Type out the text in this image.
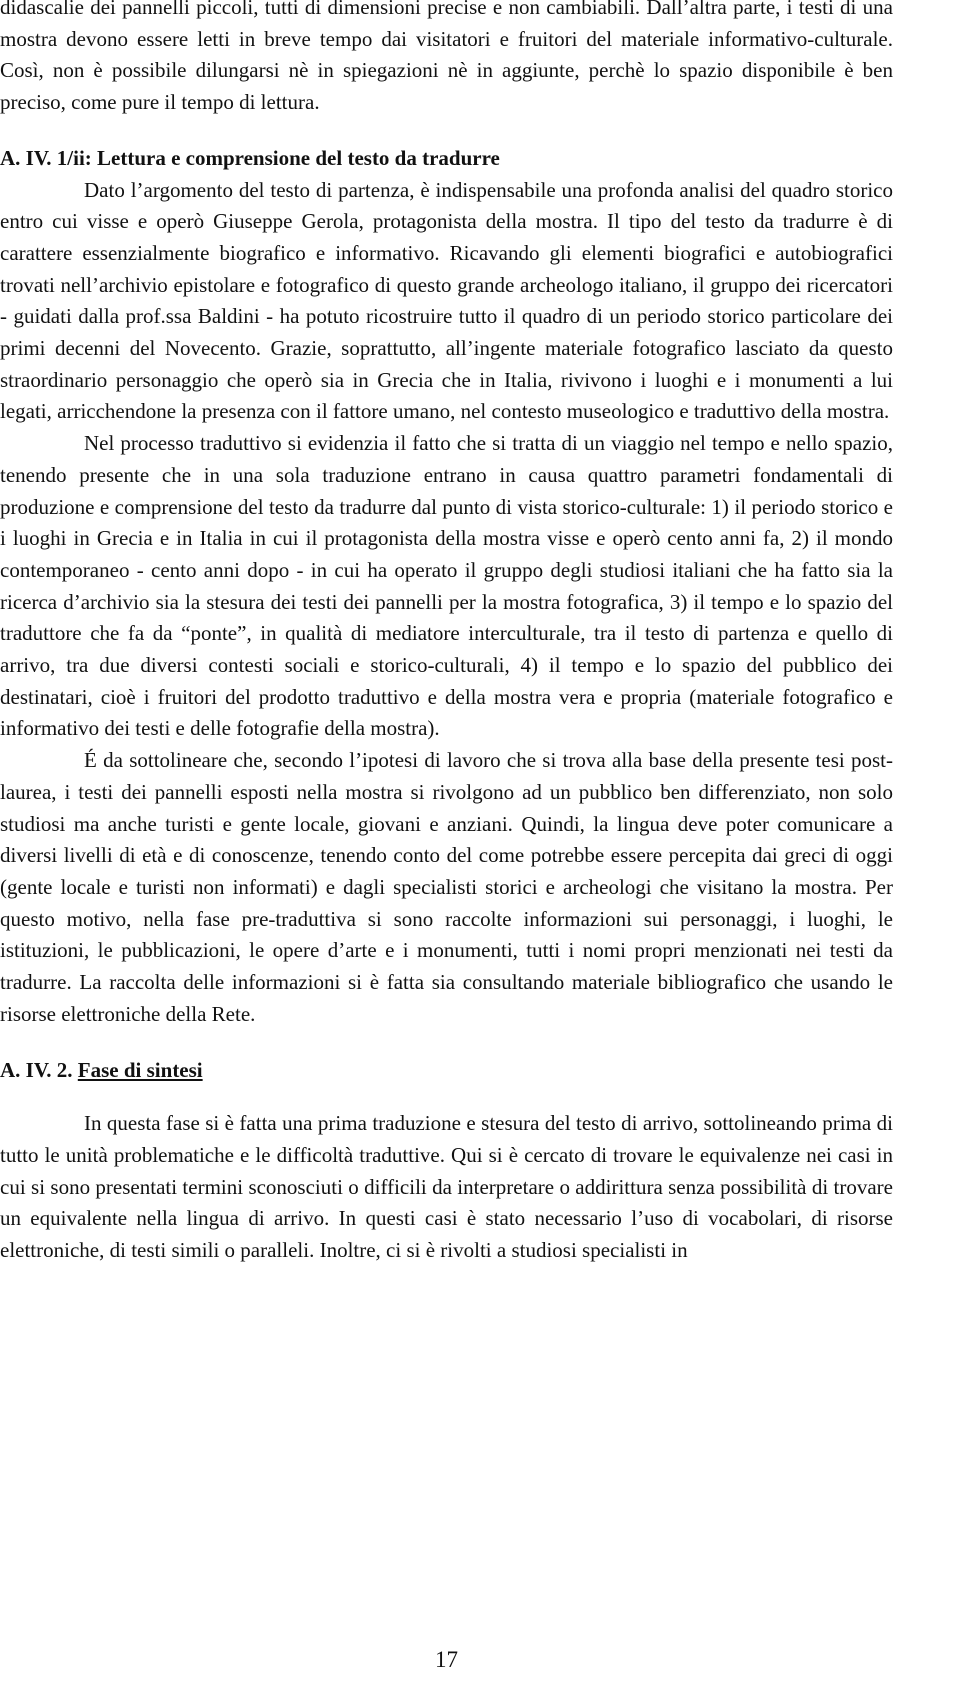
didascalie dei pannelli piccoli, tutti di dimensioni precise e non cambiabili. Dall’altra parte, i testi di una mostra devono essere letti in breve tempo dai visitatori e fruitori del materiale informativo-culturale. Così, non è possibile dilungarsi nè in spiegazioni nè in aggiunte, perchè lo spazio disponibile è ben preciso, come pure il tempo di lettura.

A. IV. 1/ii: Lettura e comprensione del testo da tradurre

Dato l’argomento del testo di partenza, è indispensabile una profonda analisi del quadro storico entro cui visse e operò Giuseppe Gerola, protagonista della mostra. Il tipo del testo da tradurre è di carattere essenzialmente biografico e informativo. Ricavando gli elementi biografici e autobiografici trovati nell’archivio epistolare e fotografico di questo grande archeologo italiano, il gruppo dei ricercatori - guidati dalla prof.ssa Baldini - ha potuto ricostruire tutto il quadro di un periodo storico particolare dei primi decenni del Novecento. Grazie, soprattutto, all’ingente materiale fotografico lasciato da questo straordinario personaggio che operò sia in Grecia che in Italia, rivivono i luoghi e i monumenti a lui legati, arricchendone la presenza con il fattore umano, nel contesto museologico e traduttivo della mostra.

Nel processo traduttivo si evidenzia il fatto che si tratta di un viaggio nel tempo e nello spazio, tenendo presente che in una sola traduzione entrano in causa quattro parametri fondamentali di produzione e comprensione del testo da tradurre dal punto di vista storico-culturale: 1) il periodo storico e i luoghi in Grecia e in Italia in cui il protagonista della mostra visse e operò cento anni fa, 2) il mondo contemporaneo - cento anni dopo - in cui ha operato il gruppo degli studiosi italiani che ha fatto sia la ricerca d’archivio sia la stesura dei testi dei pannelli per la mostra fotografica, 3) il tempo e lo spazio del traduttore che fa da “ponte”, in qualità di mediatore interculturale, tra il testo di partenza e quello di arrivo, tra due diversi contesti sociali e storico-culturali, 4) il tempo e lo spazio del pubblico dei destinatari, cioè i fruitori del prodotto traduttivo e della mostra vera e propria (materiale fotografico e informativo dei testi e delle fotografie della mostra).

É da sottolineare che, secondo l’ipotesi di lavoro che si trova alla base della presente tesi post-laurea, i testi dei pannelli esposti nella mostra si rivolgono ad un pubblico ben differenziato, non solo studiosi ma anche turisti e gente locale, giovani e anziani. Quindi, la lingua deve poter comunicare a diversi livelli di età e di conoscenze, tenendo conto del come potrebbe essere percepita dai greci di oggi (gente locale e turisti non informati) e dagli specialisti storici e archeologi che visitano la mostra. Per questo motivo, nella fase pre-traduttiva si sono raccolte informazioni sui personaggi, i luoghi, le istituzioni, le pubblicazioni, le opere d’arte e i monumenti, tutti i nomi propri menzionati nei testi da tradurre. La raccolta delle informazioni si è fatta sia consultando materiale bibliografico che usando le risorse elettroniche della Rete.

A. IV. 2. Fase di sintesi

In questa fase si è fatta una prima traduzione e stesura del testo di arrivo, sottolineando prima di tutto le unità problematiche e le difficoltà traduttive. Qui si è cercato di trovare le equivalenze nei casi in cui si sono presentati termini sconosciuti o difficili da interpretare o addirittura senza possibilità di trovare un equivalente nella lingua di arrivo. In questi casi è stato necessario l’uso di vocabolari, di risorse elettroniche, di testi simili o paralleli. Inoltre, ci si è rivolti a studiosi specialisti in

17
